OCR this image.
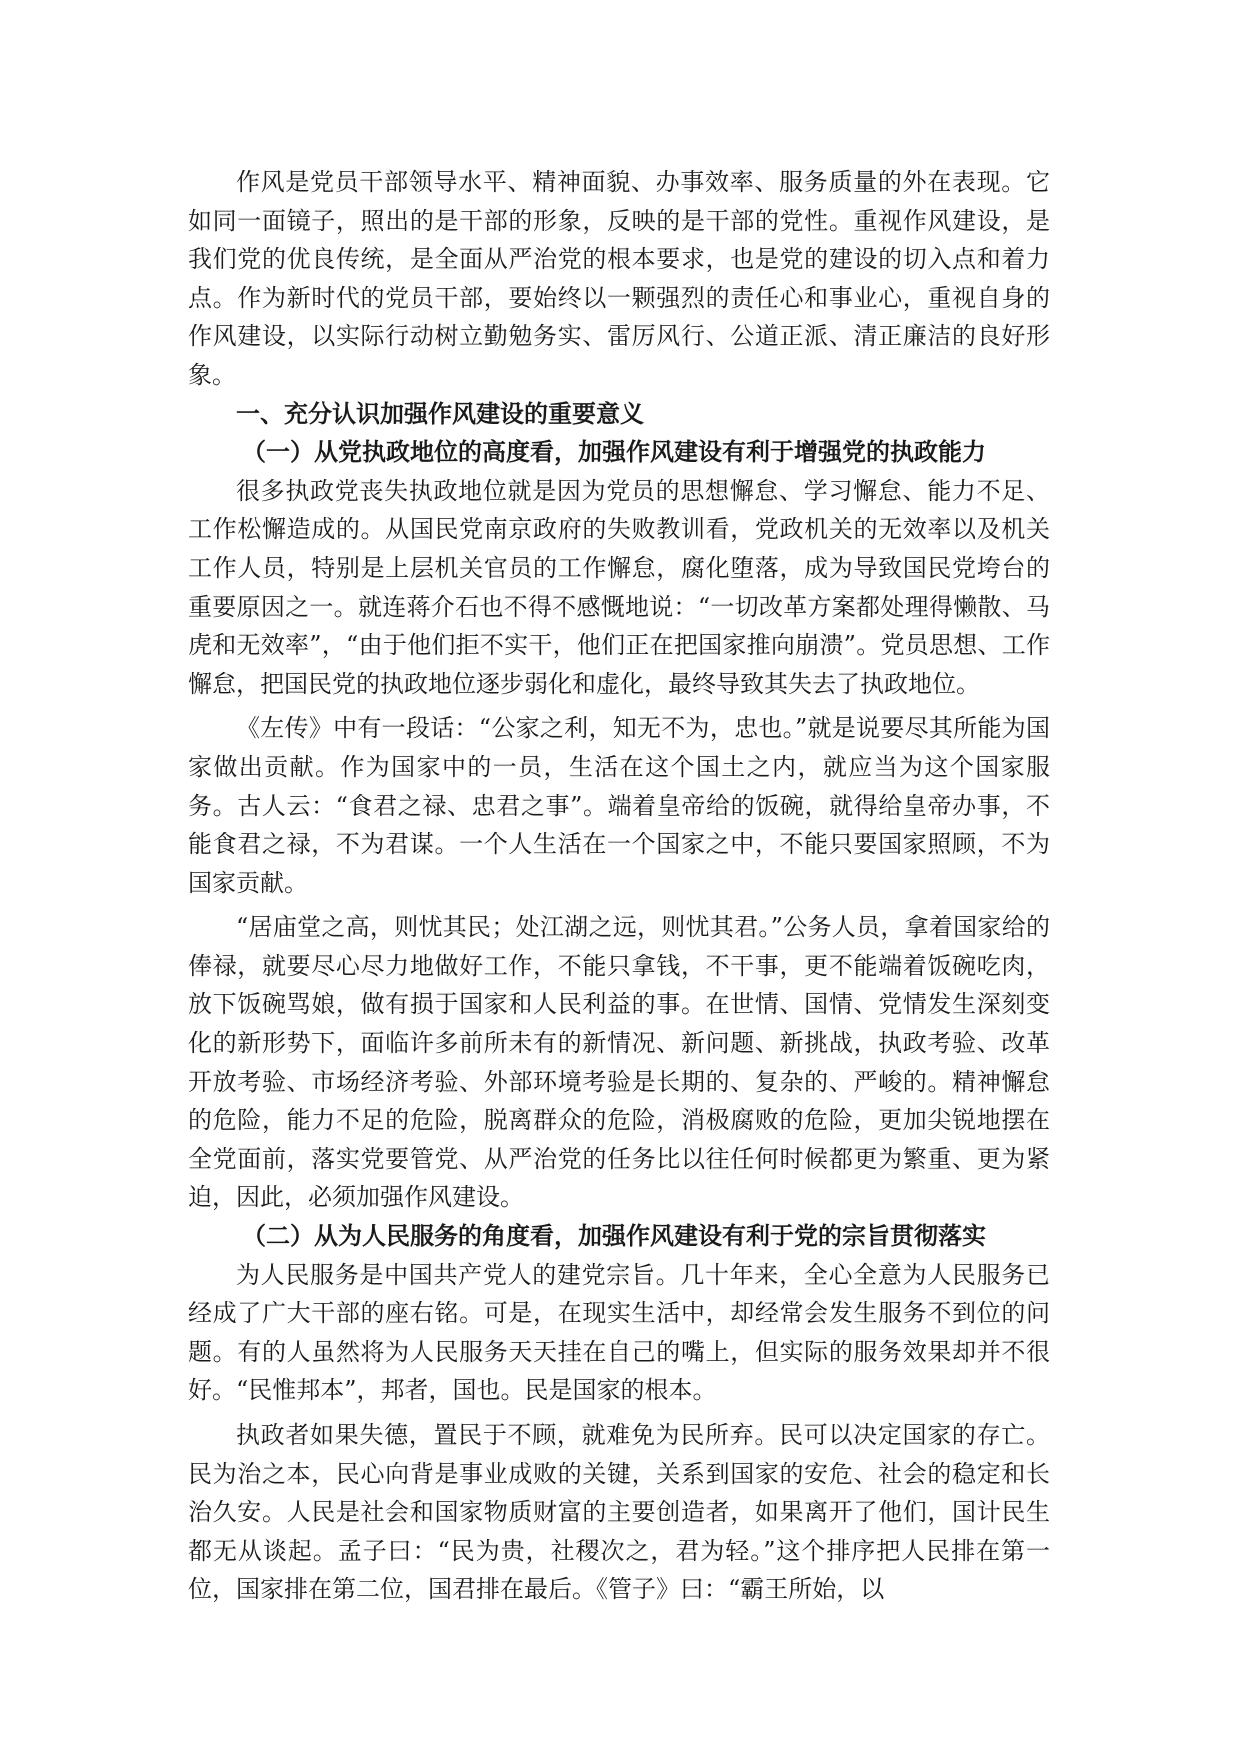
作风是党员干部领导水平、精神面貌、办事效率、服务质量的外在表现。它如同一面镜子，照出的是干部的形象，反映的是干部的党性。重视作风建设，是我们党的优良传统，是全面从严治党的根本要求，也是党的建设的切入点和着力点。作为新时代的党员干部，要始终以一颗强烈的责任心和事业心，重视自身的作风建设，以实际行动树立勤勉务实、雷厉风行、公道正派、清正廉洁的良好形象。

一、充分认识加强作风建设的重要意义

（一）从党执政地位的高度看，加强作风建设有利于增强党的执政能力

很多执政党丧失执政地位就是因为党员的思想懈怠、学习懈怠、能力不足、工作松懈造成的。从国民党南京政府的失败教训看，党政机关的无效率以及机关工作人员，特别是上层机关官员的工作懈怠，腐化堕落，成为导致国民党垮台的重要原因之一。就连蒋介石也不得不感慨地说：“一切改革方案都处理得懒散、马虎和无效率”，“由于他们拒不实干，他们正在把国家推向崩溃”。党员思想、工作懈怠，把国民党的执政地位逐步弱化和虚化，最终导致其失去了执政地位。

《左传》中有一段话：“公家之利，知无不为，忠也。”就是说要尽其所能为国家做出贡献。作为国家中的一员，生活在这个国土之内，就应当为这个国家服务。古人云：“食君之禄、忠君之事”。端着皇帝给的饭碗，就得给皇帝办事，不能食君之禄，不为君谋。一个人生活在一个国家之中，不能只要国家照顾，不为国家贡献。

“居庙堂之高，则忧其民；处江湖之远，则忧其君。”公务人员，拿着国家给的俸禄，就要尽心尽力地做好工作，不能只拿钱，不干事，更不能端着饭碗吃肉，放下饭碗骂娘，做有损于国家和人民利益的事。在世情、国情、党情发生深刻变化的新形势下，面临许多前所未有的新情况、新问题、新挑战，执政考验、改革开放考验、市场经济考验、外部环境考验是长期的、复杂的、严峻的。精神懈怠的危险，能力不足的危险，脱离群众的危险，消极腐败的危险，更加尖锐地摆在全党面前，落实党要管党、从严治党的任务比以往任何时候都更为繁重、更为紧迫，因此，必须加强作风建设。

（二）从为人民服务的角度看，加强作风建设有利于党的宗旨贯彻落实

为人民服务是中国共产党人的建党宗旨。几十年来，全心全意为人民服务已经成了广大干部的座右铭。可是，在现实生活中，却经常会发生服务不到位的问题。有的人虽然将为人民服务天天挂在自己的嘴上，但实际的服务效果却并不很好。“民惟邦本”，邦者，国也。民是国家的根本。

执政者如果失德，置民于不顾，就难免为民所弃。民可以决定国家的存亡。民为治之本，民心向背是事业成败的关键，关系到国家的安危、社会的稳定和长治久安。人民是社会和国家物质财富的主要创造者，如果离开了他们，国计民生都无从谈起。孟子曰：“民为贵，社稷次之，君为轻。”这个排序把人民排在第一位，国家排在第二位，国君排在最后。《管子》曰：“霸王所始，以
